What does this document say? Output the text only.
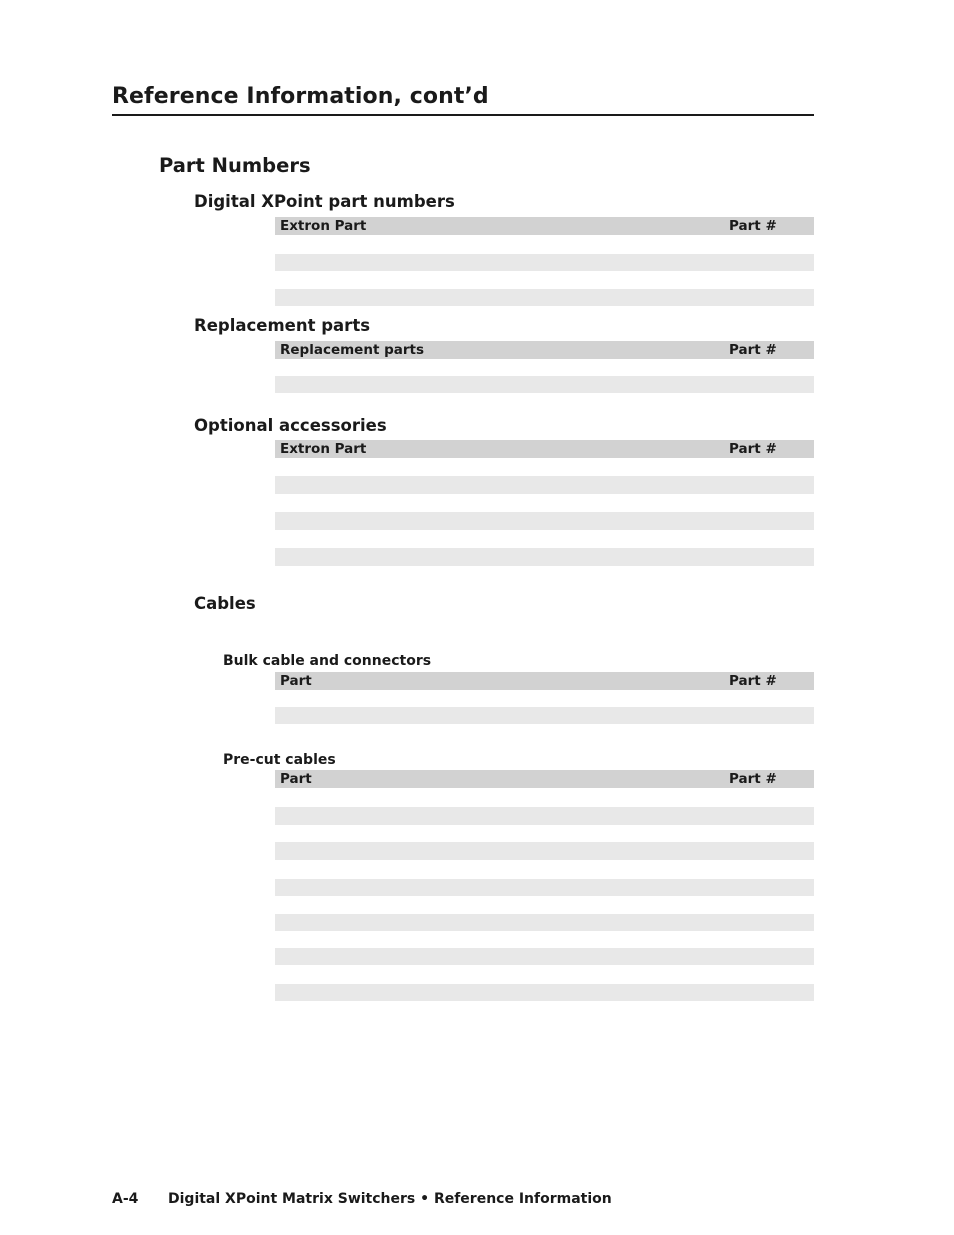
Reference Information, cont’d
Part Numbers
Digital XPoint part numbers
Extron Part	Part #
Replacement parts
Replacement parts	Part #
Optional accessories
Extron Part	Part #
Cables
Bulk cable and connectors
Part	Part #
Pre-cut cables
Part	Part #
A-4 Digital XPoint Matrix Switchers • Reference Information
